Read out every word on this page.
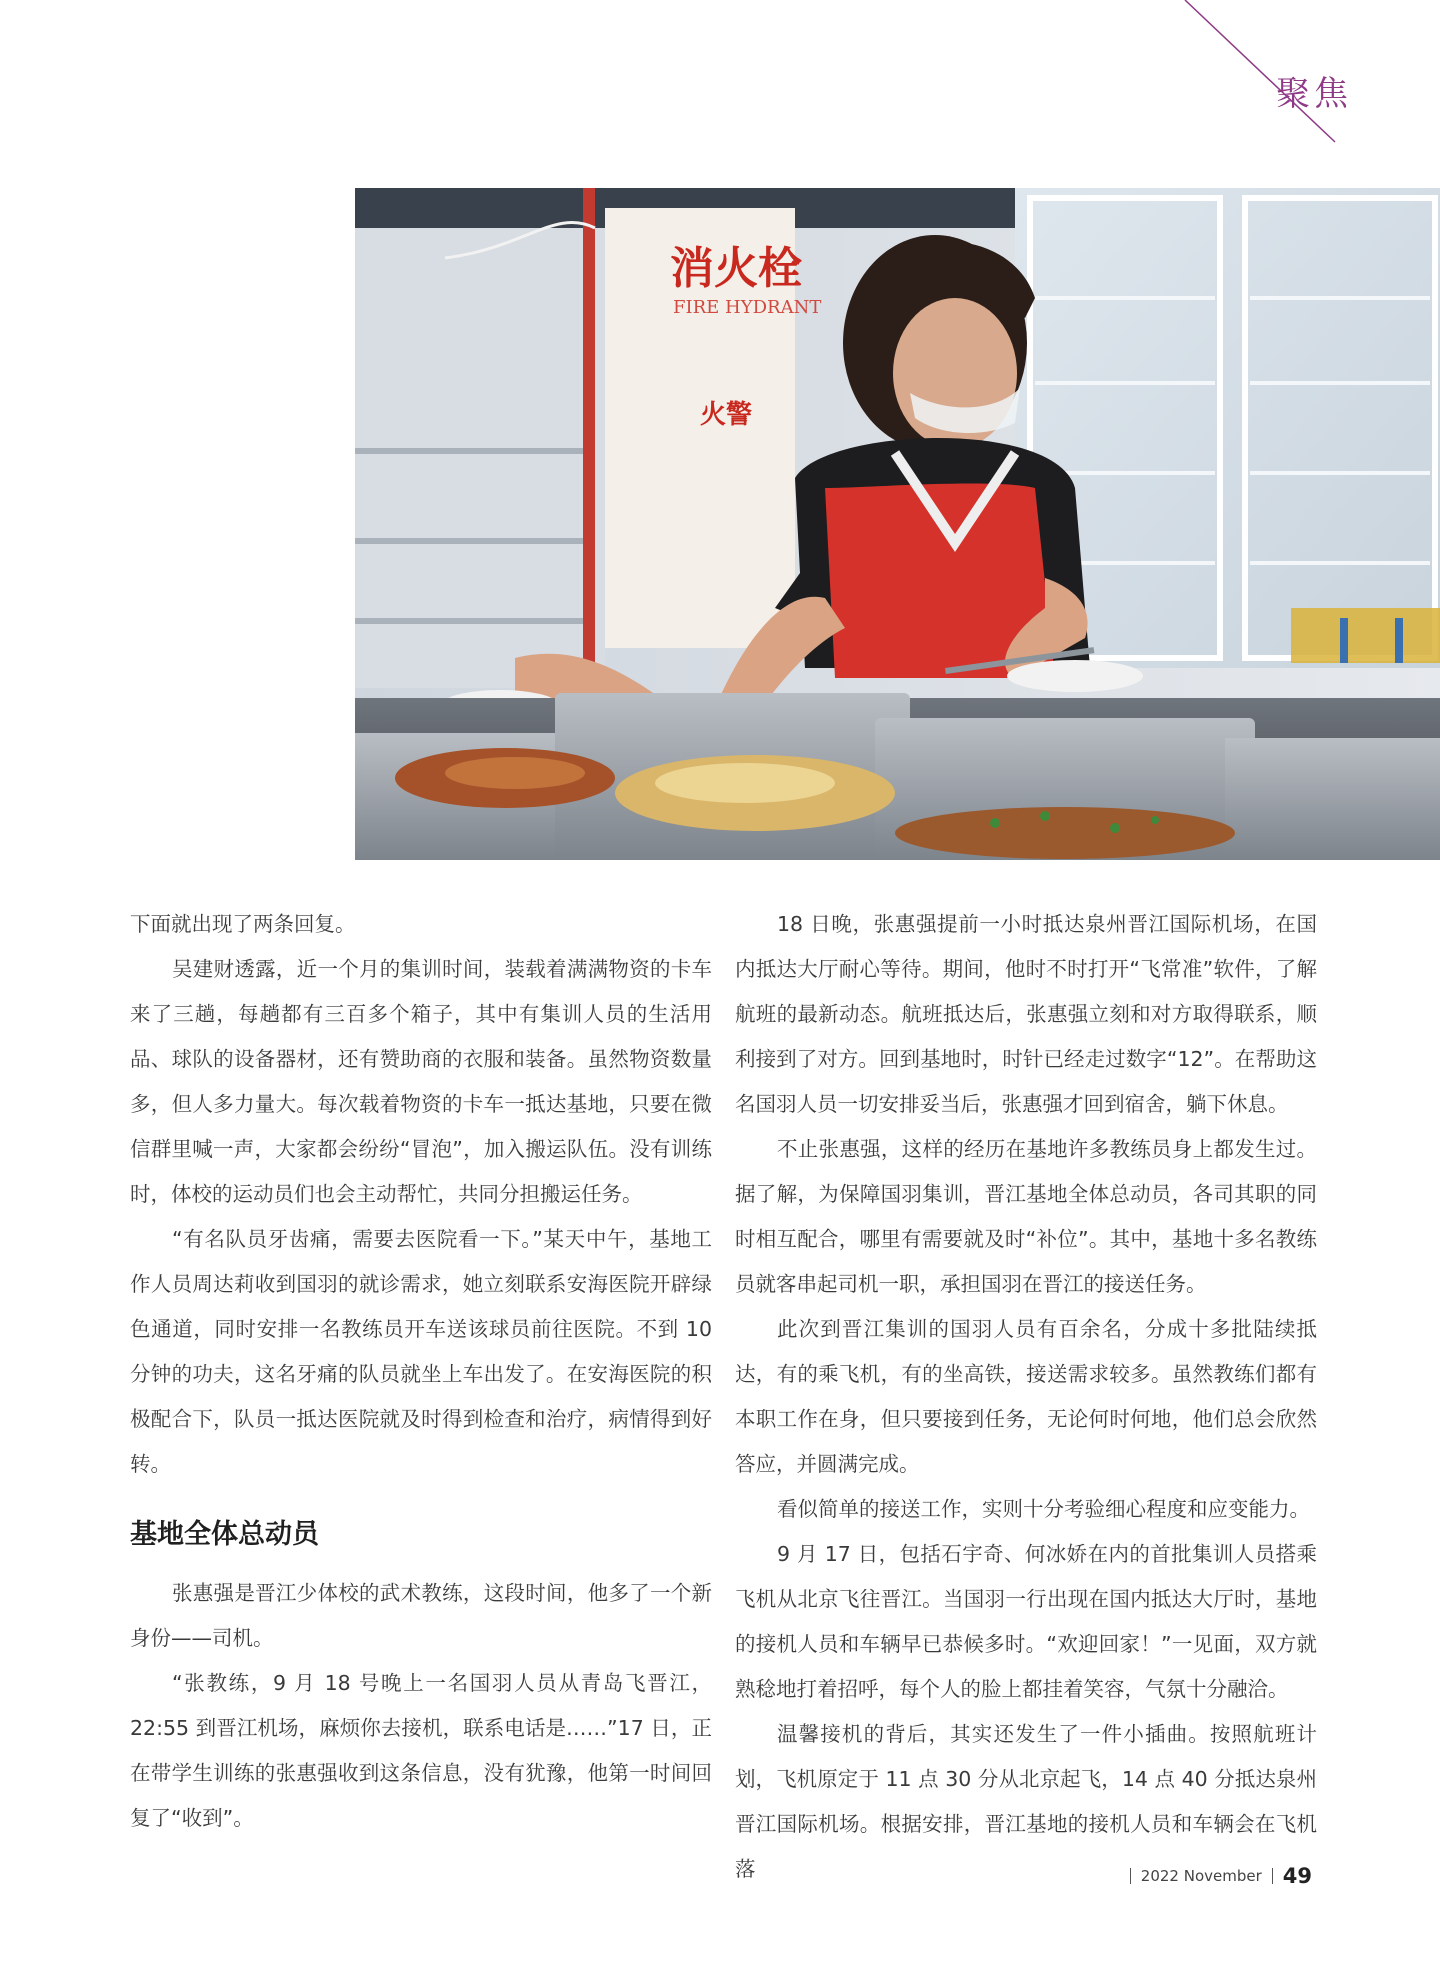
聚焦
消火栓
FIRE HYDRANT
火警

下面就出现了两条回复。

吴建财透露，近一个月的集训时间，装载着满满物资的卡车来了三趟，每趟都有三百多个箱子，其中有集训人员的生活用品、球队的设备器材，还有赞助商的衣服和装备。虽然物资数量多，但人多力量大。每次载着物资的卡车一抵达基地，只要在微信群里喊一声，大家都会纷纷“冒泡”，加入搬运队伍。没有训练时，体校的运动员们也会主动帮忙，共同分担搬运任务。

“有名队员牙齿痛，需要去医院看一下。”某天中午，基地工作人员周达莉收到国羽的就诊需求，她立刻联系安海医院开辟绿色通道，同时安排一名教练员开车送该球员前往医院。不到 10 分钟的功夫，这名牙痛的队员就坐上车出发了。在安海医院的积极配合下，队员一抵达医院就及时得到检查和治疗，病情得到好转。

基地全体总动员

张惠强是晋江少体校的武术教练，这段时间，他多了一个新身份——司机。

“张教练，9 月 18 号晚上一名国羽人员从青岛飞晋江，22:55 到晋江机场，麻烦你去接机，联系电话是……”17 日，正在带学生训练的张惠强收到这条信息，没有犹豫，他第一时间回复了“收到”。

18 日晚，张惠强提前一小时抵达泉州晋江国际机场，在国内抵达大厅耐心等待。期间，他时不时打开“飞常准”软件，了解航班的最新动态。航班抵达后，张惠强立刻和对方取得联系，顺利接到了对方。回到基地时，时针已经走过数字“12”。在帮助这名国羽人员一切安排妥当后，张惠强才回到宿舍，躺下休息。

不止张惠强，这样的经历在基地许多教练员身上都发生过。据了解，为保障国羽集训，晋江基地全体总动员，各司其职的同时相互配合，哪里有需要就及时“补位”。其中，基地十多名教练员就客串起司机一职，承担国羽在晋江的接送任务。

此次到晋江集训的国羽人员有百余名，分成十多批陆续抵达，有的乘飞机，有的坐高铁，接送需求较多。虽然教练们都有本职工作在身，但只要接到任务，无论何时何地，他们总会欣然答应，并圆满完成。

看似简单的接送工作，实则十分考验细心程度和应变能力。

9 月 17 日，包括石宇奇、何冰娇在内的首批集训人员搭乘飞机从北京飞往晋江。当国羽一行出现在国内抵达大厅时，基地的接机人员和车辆早已恭候多时。“欢迎回家！”一见面，双方就熟稔地打着招呼，每个人的脸上都挂着笑容，气氛十分融洽。

温馨接机的背后，其实还发生了一件小插曲。按照航班计划，飞机原定于 11 点 30 分从北京起飞，14 点 40 分抵达泉州晋江国际机场。根据安排，晋江基地的接机人员和车辆会在飞机落	2022 November 49
